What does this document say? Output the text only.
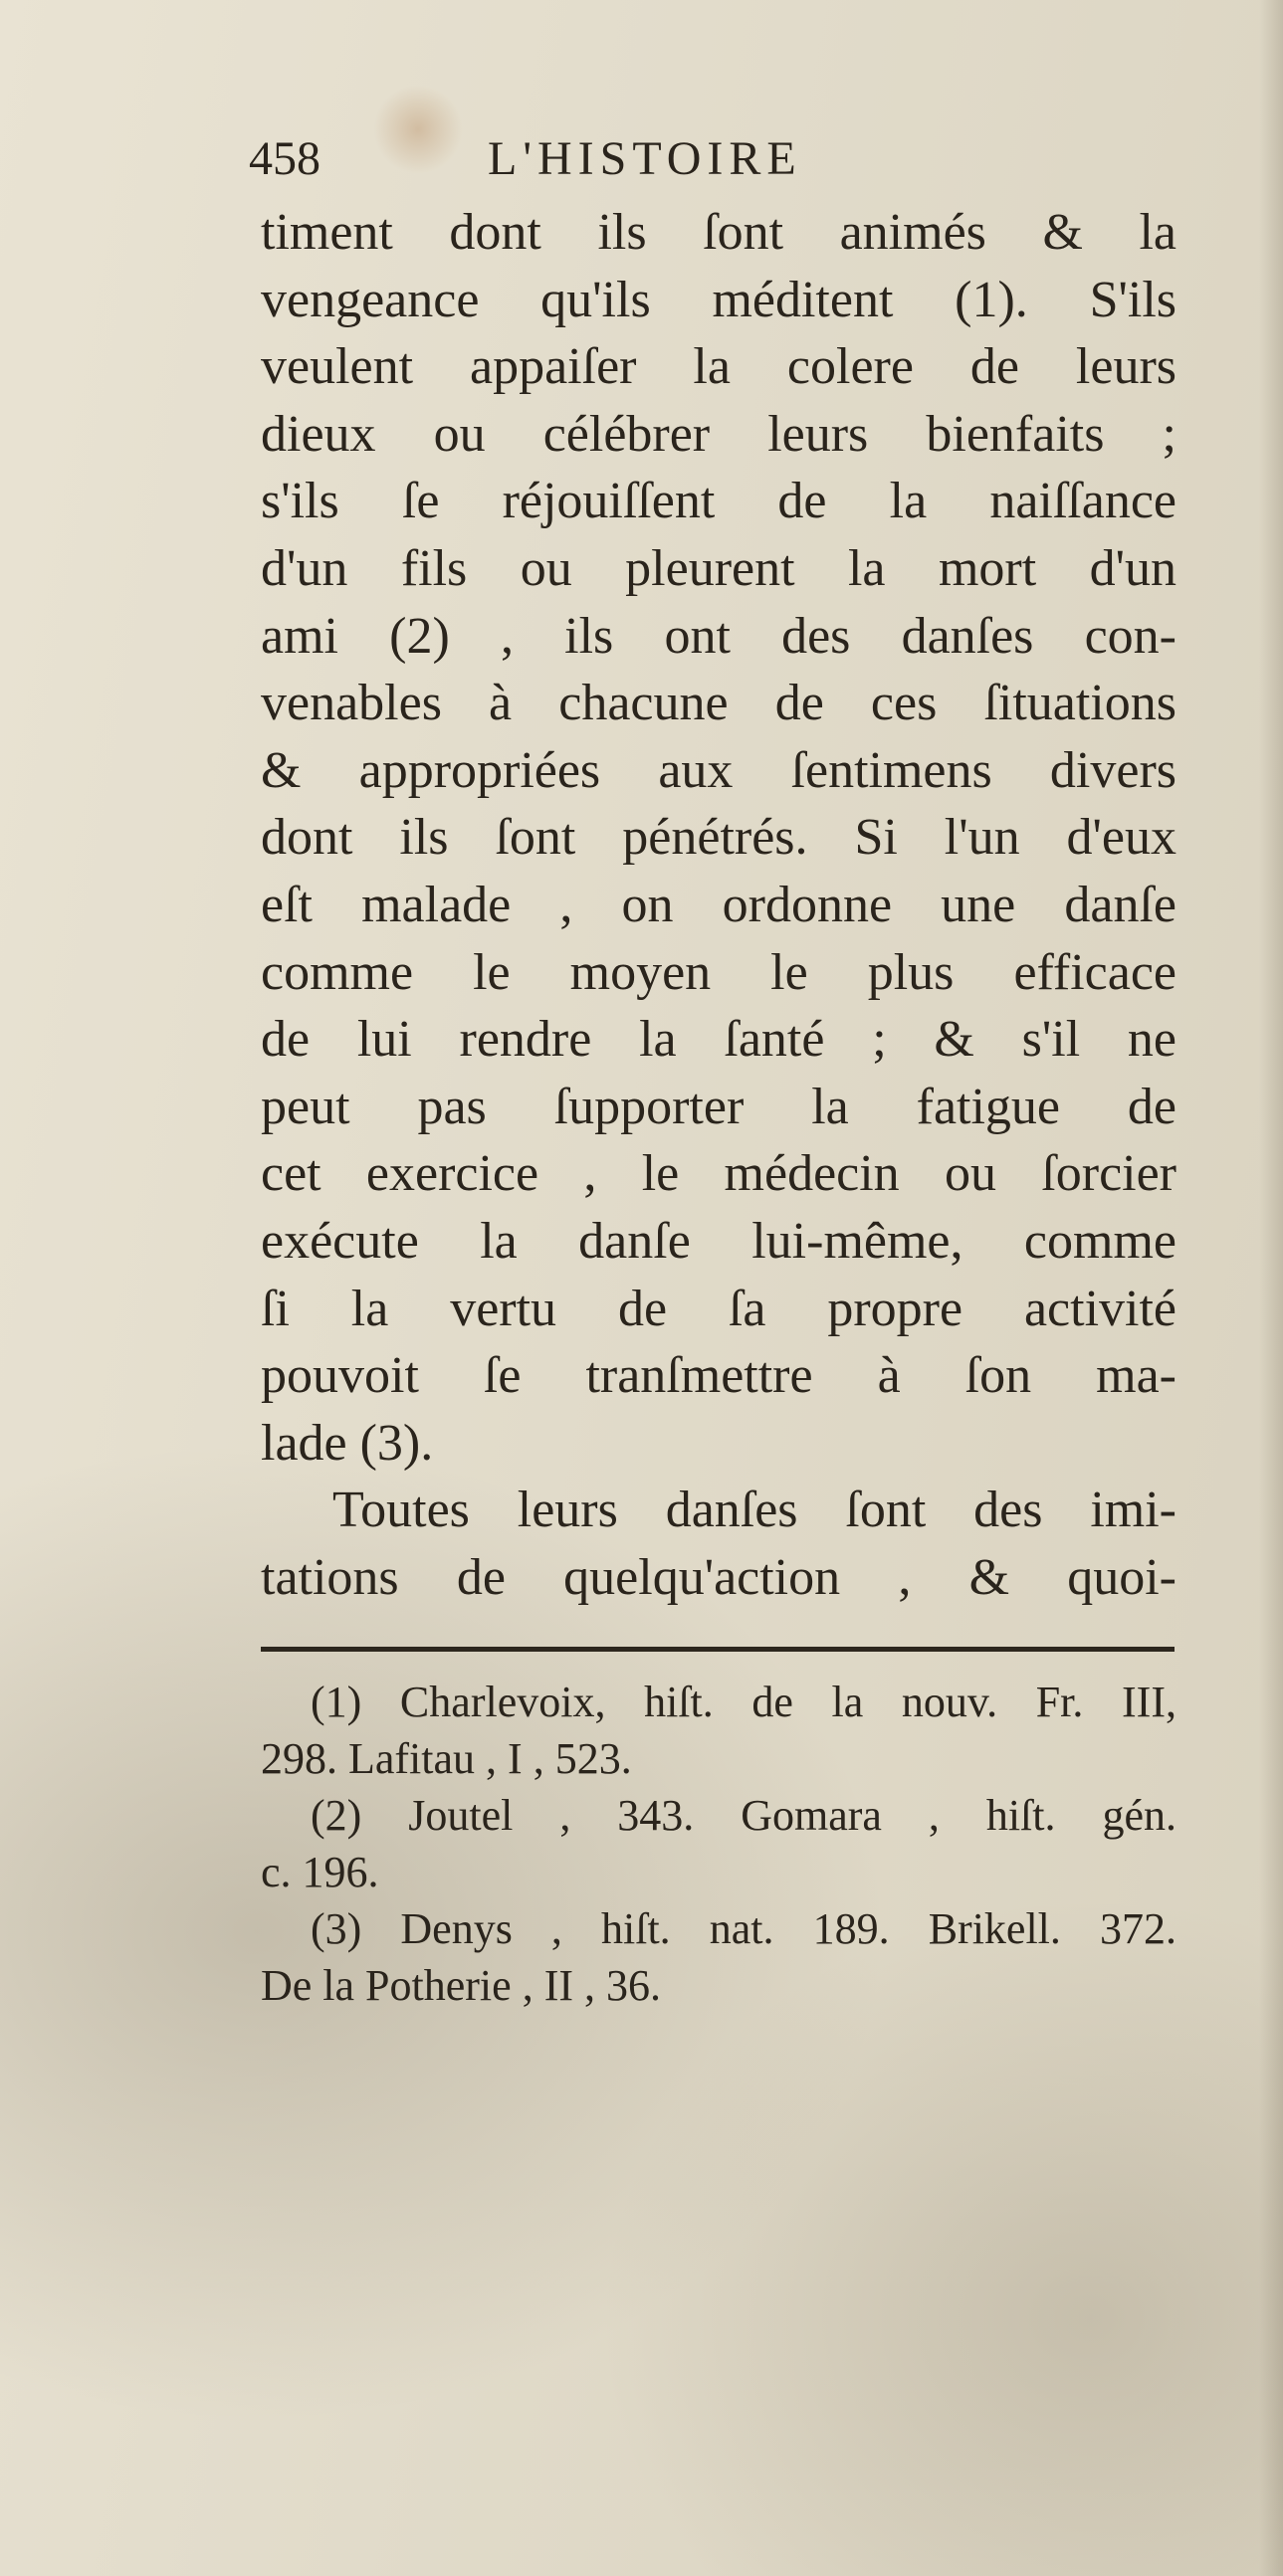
458	L'HISTOIRE
timent dont ils ſont animés & la
vengeance qu'ils méditent (1). S'ils
veulent appaiſer la colere de leurs
dieux ou célébrer leurs bienfaits ;
s'ils ſe réjouiſſent de la naiſſance
d'un fils ou pleurent la mort d'un
ami (2) , ils ont des danſes con-
venables à chacune de ces ſituations
& appropriées aux ſentimens divers
dont ils ſont pénétrés. Si l'un d'eux
eſt malade , on ordonne une danſe
comme le moyen le plus efficace
de lui rendre la ſanté ; & s'il ne
peut pas ſupporter la fatigue de
cet exercice , le médecin ou ſorcier
exécute la danſe lui-même, comme
ſi la vertu de ſa propre activité
pouvoit ſe tranſmettre à ſon ma-
lade (3).
Toutes leurs danſes ſont des imi-
tations de quelqu'action , & quoi-
(1) Charlevoix, hiſt. de la nouv. Fr. III,
298. Lafitau , I , 523.
(2) Joutel , 343. Gomara , hiſt. gén.
c. 196.
(3) Denys , hiſt. nat. 189. Brikell. 372.
De la Potherie , II , 36.
